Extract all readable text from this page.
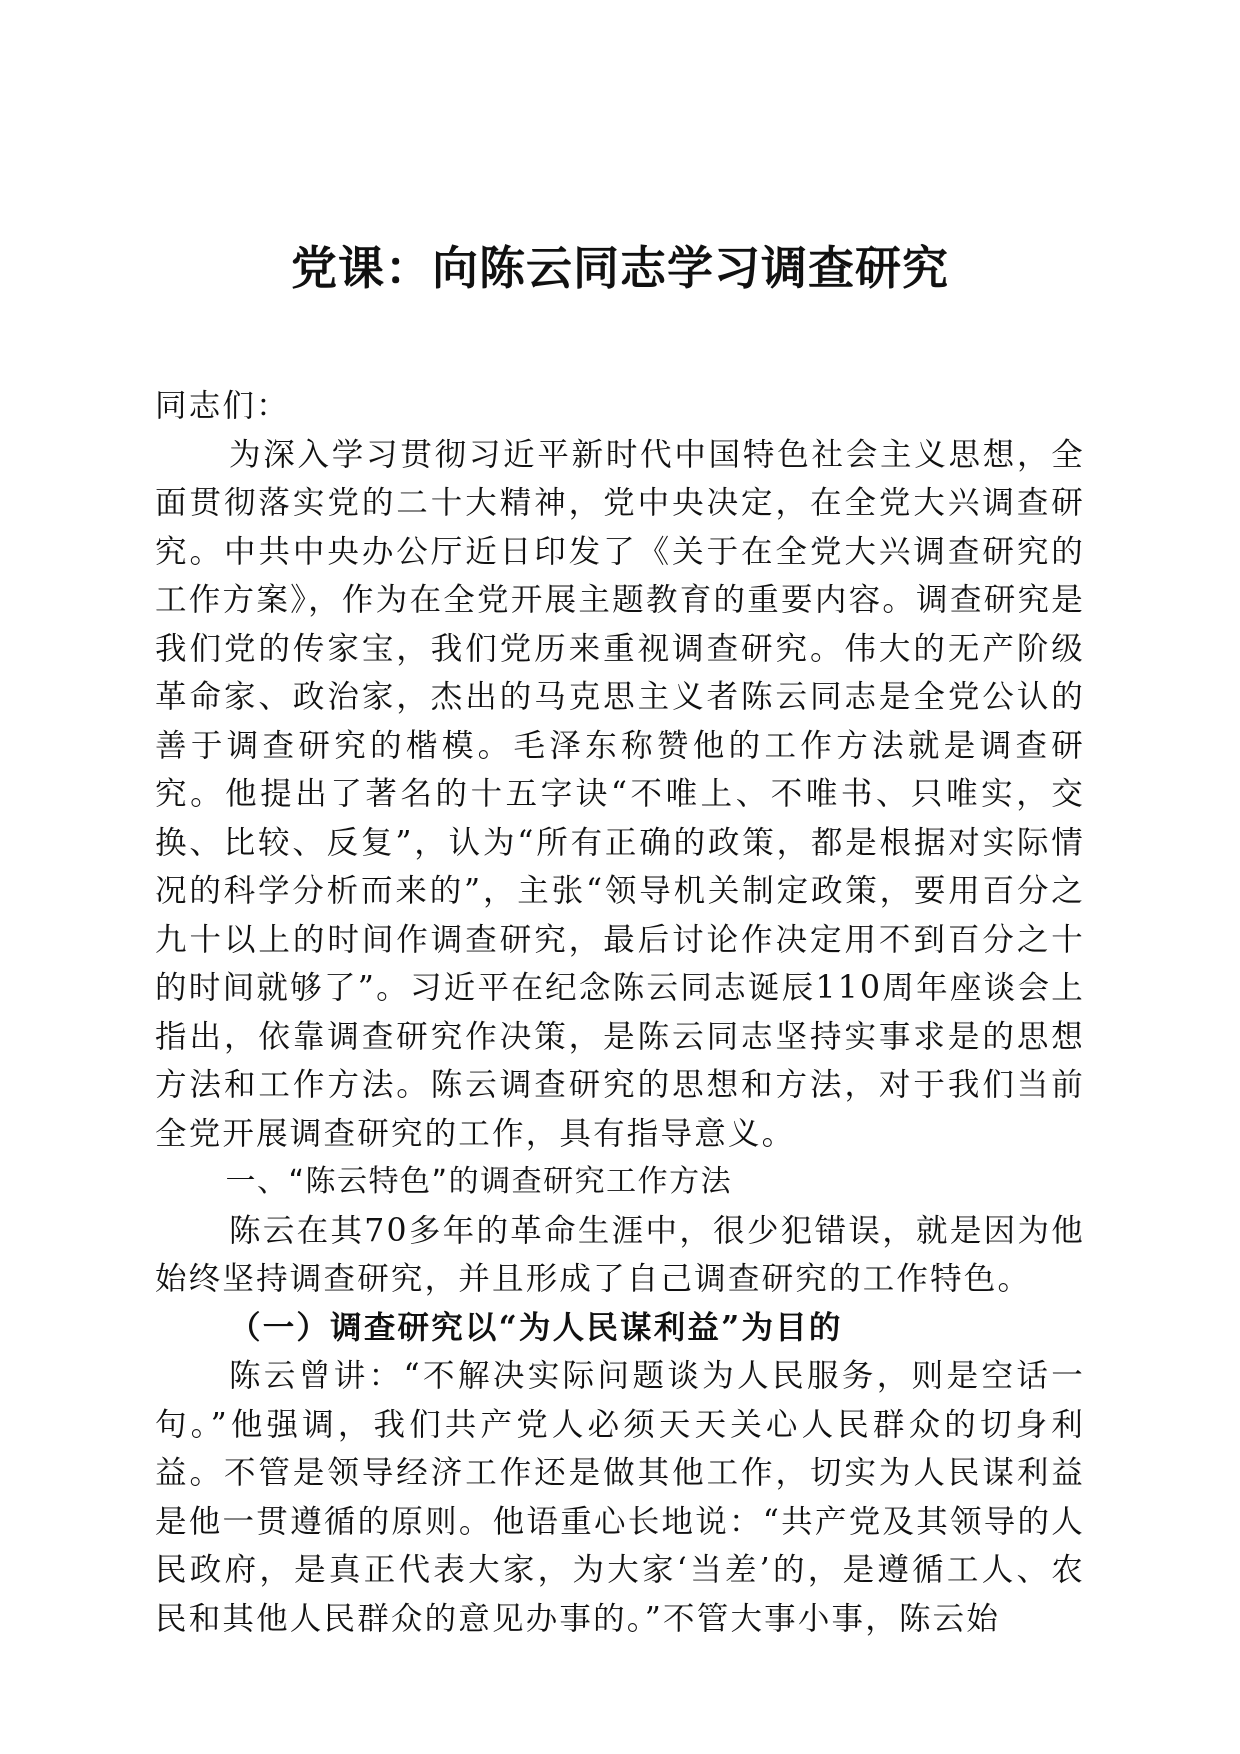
党课：向陈云同志学习调查研究

同志们：

为深入学习贯彻习近平新时代中国特色社会主义思想，全面贯彻落实党的二十大精神，党中央决定，在全党大兴调查研究。中共中央办公厅近日印发了《关于在全党大兴调查研究的工作方案》，作为在全党开展主题教育的重要内容。调查研究是我们党的传家宝，我们党历来重视调查研究。伟大的无产阶级革命家、政治家，杰出的马克思主义者陈云同志是全党公认的善于调查研究的楷模。毛泽东称赞他的工作方法就是调查研究。他提出了著名的十五字诀“不唯上、不唯书、只唯实，交换、比较、反复”，认为“所有正确的政策，都是根据对实际情况的科学分析而来的”，主张“领导机关制定政策，要用百分之九十以上的时间作调查研究，最后讨论作决定用不到百分之十的时间就够了”。习近平在纪念陈云同志诞辰110周年座谈会上指出，依靠调查研究作决策，是陈云同志坚持实事求是的思想方法和工作方法。陈云调查研究的思想和方法，对于我们当前全党开展调查研究的工作，具有指导意义。

一、“陈云特色”的调查研究工作方法

陈云在其70多年的革命生涯中，很少犯错误，就是因为他始终坚持调查研究，并且形成了自己调查研究的工作特色。

（一）调查研究以“为人民谋利益”为目的

陈云曾讲：“不解决实际问题谈为人民服务，则是空话一句。”他强调，我们共产党人必须天天关心人民群众的切身利益。不管是领导经济工作还是做其他工作，切实为人民谋利益是他一贯遵循的原则。他语重心长地说：“共产党及其领导的人民政府，是真正代表大家，为大家‘当差’的，是遵循工人、农民和其他人民群众的意见办事的。”不管大事小事，陈云始
